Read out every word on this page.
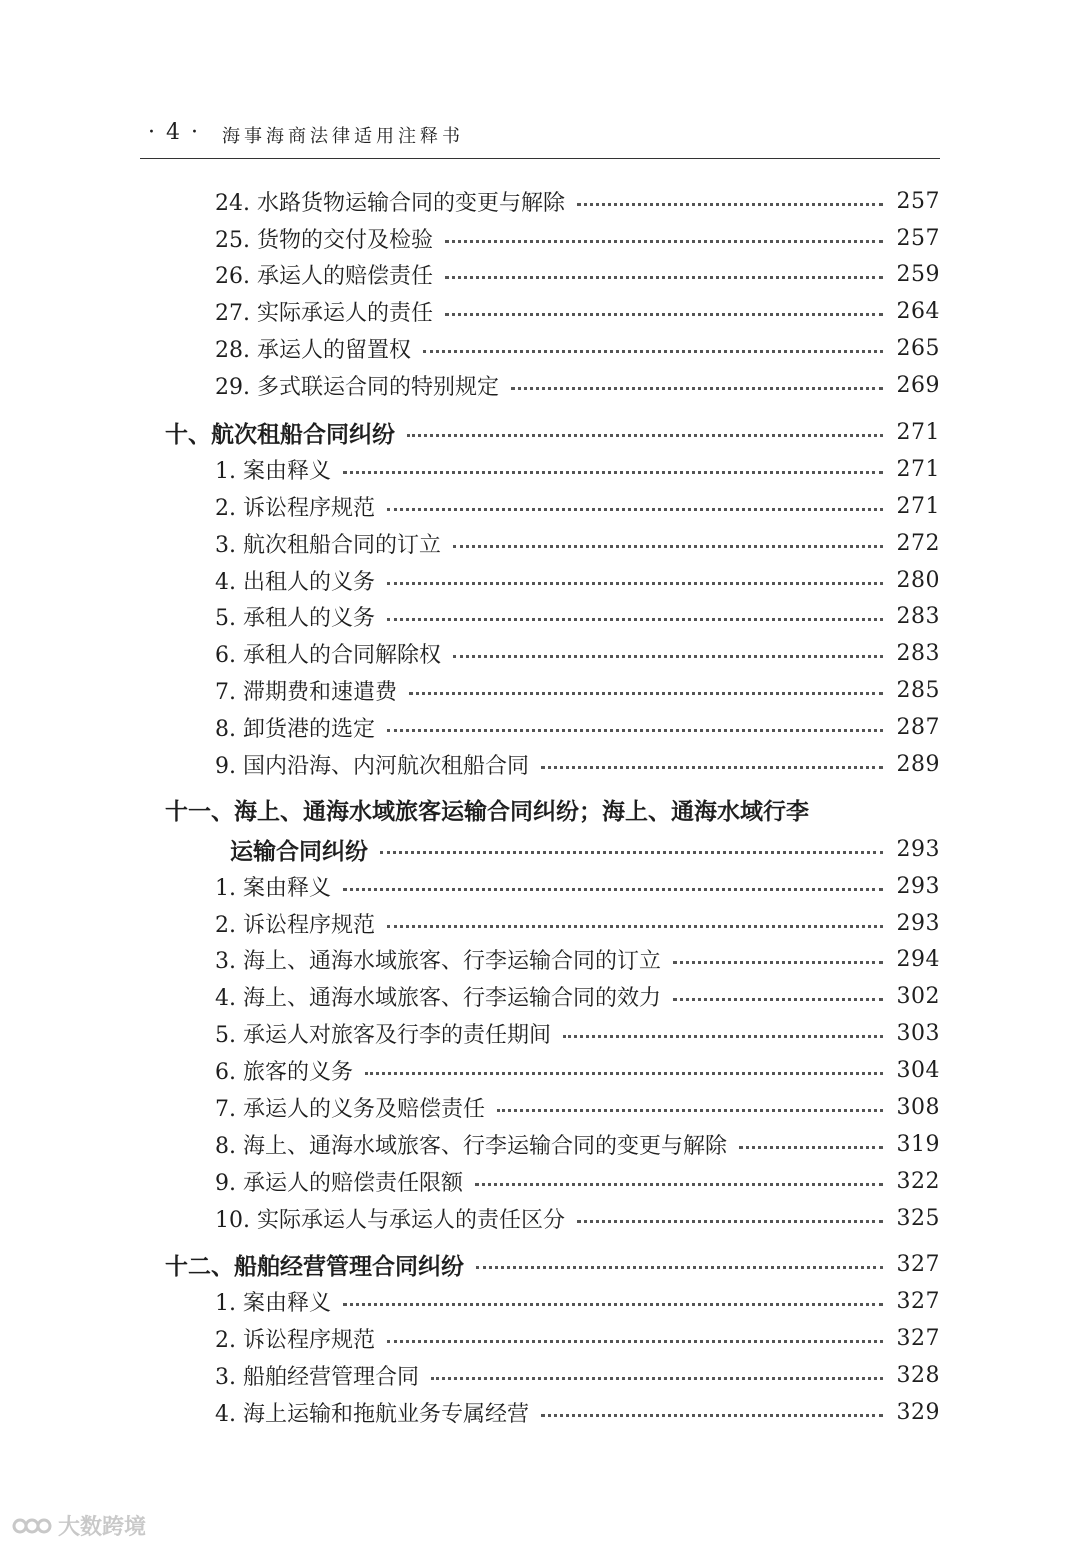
· 4 · 海事海商法律适用注释书
24. 水路货物运输合同的变更与解除	257
25. 货物的交付及检验	257
26. 承运人的赔偿责任	259
27. 实际承运人的责任	264
28. 承运人的留置权	265
29. 多式联运合同的特别规定	269
十、航次租船合同纠纷	271
1. 案由释义	271
2. 诉讼程序规范	271
3. 航次租船合同的订立	272
4. 出租人的义务	280
5. 承租人的义务	283
6. 承租人的合同解除权	283
7. 滞期费和速遣费	285
8. 卸货港的选定	287
9. 国内沿海、内河航次租船合同	289
十一、海上、通海水域旅客运输合同纠纷；海上、通海水域行李
运输合同纠纷	293
1. 案由释义	293
2. 诉讼程序规范	293
3. 海上、通海水域旅客、行李运输合同的订立	294
4. 海上、通海水域旅客、行李运输合同的效力	302
5. 承运人对旅客及行李的责任期间	303
6. 旅客的义务	304
7. 承运人的义务及赔偿责任	308
8. 海上、通海水域旅客、行李运输合同的变更与解除	319
9. 承运人的赔偿责任限额	322
10. 实际承运人与承运人的责任区分	325
十二、船舶经营管理合同纠纷	327
1. 案由释义	327
2. 诉讼程序规范	327
3. 船舶经营管理合同	328
4. 海上运输和拖航业务专属经营	329
大数跨境
